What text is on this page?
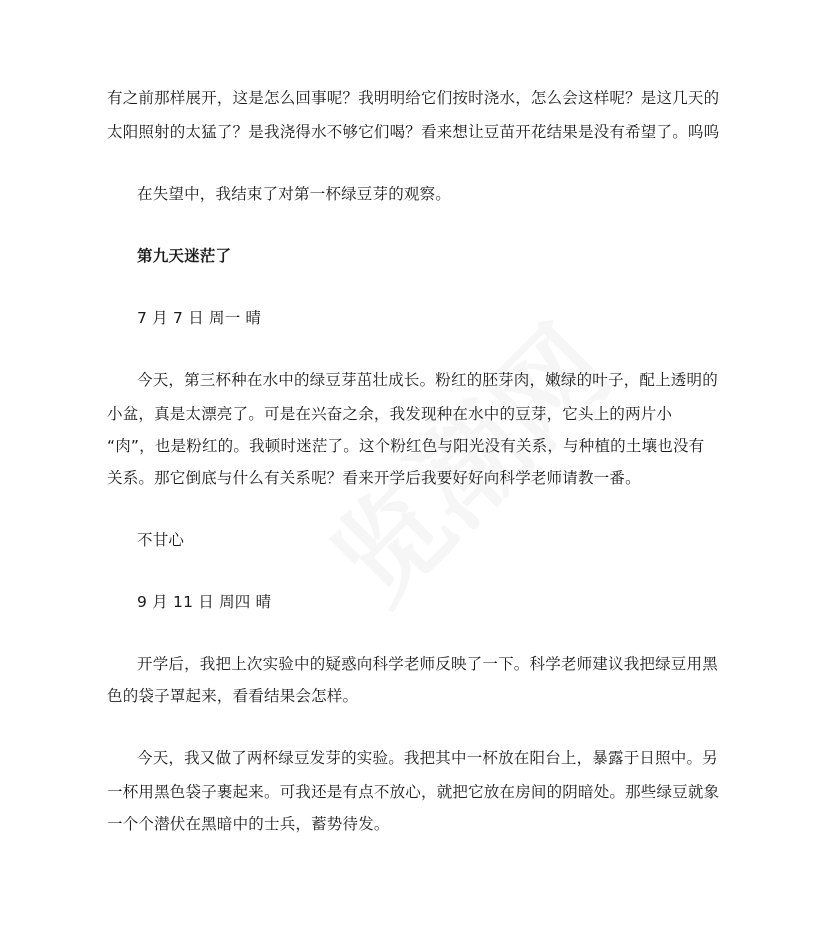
有之前那样展开，这是怎么回事呢？我明明给它们按时浇水，怎么会这样呢？是这几天的
太阳照射的太猛了？是我浇得水不够它们喝？看来想让豆苗开花结果是没有希望了。呜呜
在失望中，我结束了对第一杯绿豆芽的观察。
第九天迷茫了
7 月 7 日 周一 晴
今天，第三杯种在水中的绿豆芽茁壮成长。粉红的胚芽肉，嫩绿的叶子，配上透明的
小盆，真是太漂亮了。可是在兴奋之余，我发现种在水中的豆芽，它头上的两片小
“肉”，也是粉红的。我顿时迷茫了。这个粉红色与阳光没有关系，与种植的土壤也没有
关系。那它倒底与什么有关系呢？看来开学后我要好好向科学老师请教一番。
不甘心
9 月 11 日 周四 晴
开学后，我把上次实验中的疑惑向科学老师反映了一下。科学老师建议我把绿豆用黑
色的袋子罩起来，看看结果会怎样。
今天，我又做了两杯绿豆发芽的实验。我把其中一杯放在阳台上，暴露于日照中。另
一杯用黑色袋子裹起来。可我还是有点不放心，就把它放在房间的阴暗处。那些绿豆就象
一个个潜伏在黑暗中的士兵，蓄势待发。
